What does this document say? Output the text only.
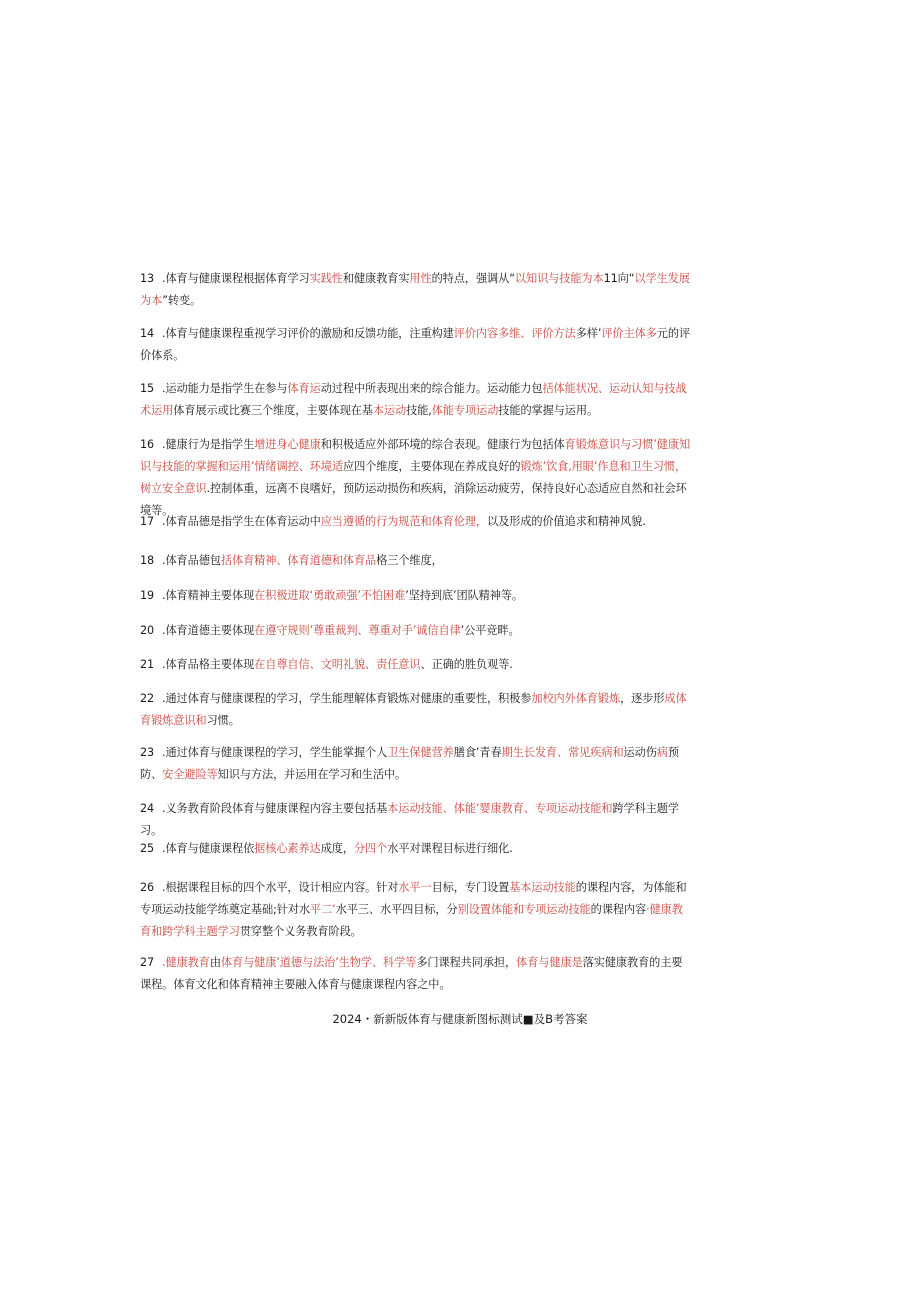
13 .体育与健康课程根据体育学习实践性和健康教育实用性的特点，强调从“以知识与技能为本11向“以学生发展为本”转变。
14 .体育与健康课程重视学习评价的激励和反馈功能，注重构建评价内容多维、评价方法多样’评价主体多元的评价体系。
15 .运动能力是指学生在参与体育运动过程中所表现出来的综合能力。运动能力包括体能状况、运动认知与技战术运用体育展示或比赛三个维度，主要体现在基本运动技能,体能专项运动技能的掌握与运用。
16 .健康行为是指学生增进身心健康和积极适应外部环境的综合表现。健康行为包括体育锻炼意识与习惯’健康知识与技能的掌握和运用’情绪调控、环境适应四个维度，主要体现在养成良好的锻炼’饮食,用眼’作息和卫生习惯，树立安全意识.控制体重，远离不良嗜好，预防运动损伤和疾病，消除运动疲劳，保持良好心态适应自然和社会环境等。
17 .体育品德是指学生在体育运动中应当遵循的行为规范和体育伦理，以及形成的价值追求和精神风貌.
18 .体育品德包括体育精神、体育道德和体育品格三个维度，
19 .体育精神主要体现在积极进取‘勇敢顽强’不怕困难’坚持到底’团队精神等。
20 .体育道德主要体现在遵守规则’尊重裁判、尊重对手’诚信自律’公平竞畔。
21 .体育品格主要体现在自尊自信、文明礼貌、责任意识、正确的胜负观等.
22 .通过体育与健康课程的学习，学生能理解体育锻炼对健康的重要性，积极参加校内外体育锻炼，逐步形成体育锻炼意识和习惯。
23 .通过体育与健康课程的学习，学生能掌握个人卫生保健营养膳食’青春期生长发育、常见疾病和运动伤病预防、安全避险等知识与方法，并运用在学习和生活中。
24 .义务教育阶段体育与健康课程内容主要包括基本运动技能、体能’婴康教育、专项运动技能和跨学科主题学习。
25 .体育与健康课程依据核心素养达成度，分四个水平对课程目标进行细化.
26 .根据课程目标的四个水平，设计相应内容。针对水平一目标，专门设置基本运动技能的课程内容，为体能和专项运动技能学练奠定基础;针对水平二’水平三、水平四目标，分别设置体能和专项运动技能的课程内容·健康教育和跨学科主题学习贯穿整个义务教育阶段。
27 .健康教育由体育与健康’道德与法治’生物学、科学等多门课程共同承担，体育与健康是落实健康教育的主要课程。体育文化和体育精神主要融入体育与健康课程内容之中。
2024・新新版体育与健康新图标测试■及B考答案
